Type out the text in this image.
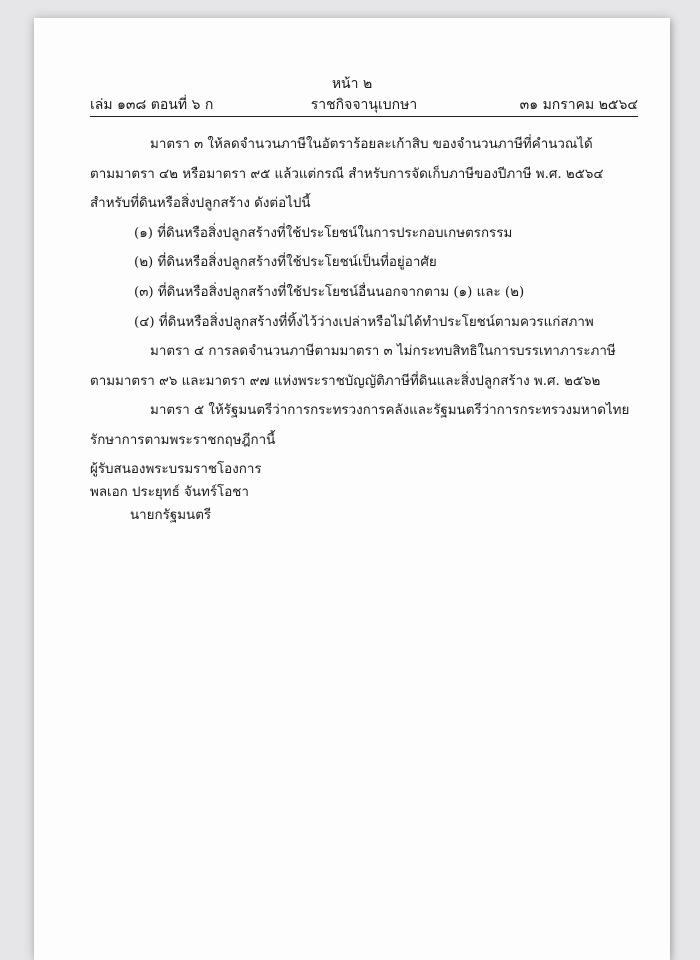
หน้า ๒
เล่ม ๑๓๘ ตอนที่ ๖ ก	ราชกิจจานุเบกษา	๓๑ มกราคม ๒๕๖๔
มาตรา ๓ ให้ลดจำนวนภาษีในอัตราร้อยละเก้าสิบ ของจำนวนภาษีที่คำนวณได้
ตามมาตรา ๔๒ หรือมาตรา ๙๕ แล้วแต่กรณี สำหรับการจัดเก็บภาษีของปีภาษี พ.ศ. ๒๕๖๔
สำหรับที่ดินหรือสิ่งปลูกสร้าง ดังต่อไปนี้
(๑) ที่ดินหรือสิ่งปลูกสร้างที่ใช้ประโยชน์ในการประกอบเกษตรกรรม
(๒) ที่ดินหรือสิ่งปลูกสร้างที่ใช้ประโยชน์เป็นที่อยู่อาศัย
(๓) ที่ดินหรือสิ่งปลูกสร้างที่ใช้ประโยชน์อื่นนอกจากตาม (๑) และ (๒)
(๔) ที่ดินหรือสิ่งปลูกสร้างที่ทิ้งไว้ว่างเปล่าหรือไม่ได้ทำประโยชน์ตามควรแก่สภาพ
มาตรา ๔ การลดจำนวนภาษีตามมาตรา ๓ ไม่กระทบสิทธิในการบรรเทาภาระภาษี
ตามมาตรา ๙๖ และมาตรา ๙๗ แห่งพระราชบัญญัติภาษีที่ดินและสิ่งปลูกสร้าง พ.ศ. ๒๕๖๒
มาตรา ๕ ให้รัฐมนตรีว่าการกระทรวงการคลังและรัฐมนตรีว่าการกระทรวงมหาดไทย
รักษาการตามพระราชกฤษฎีกานี้
ผู้รับสนองพระบรมราชโองการ
พลเอก ประยุทธ์ จันทร์โอชา
นายกรัฐมนตรี
